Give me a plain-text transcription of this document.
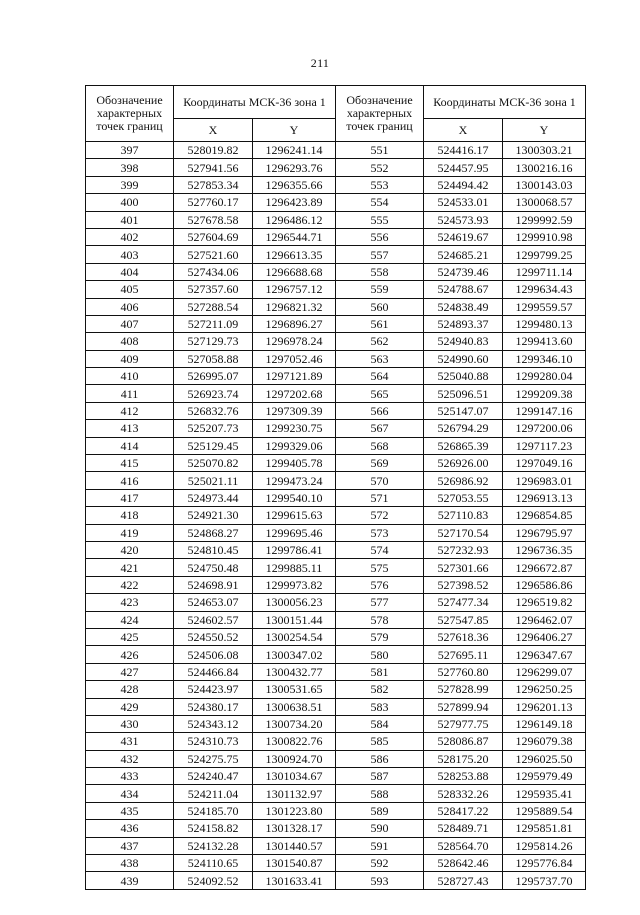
211
Обозначение характерных точек границ	Координаты МСК-36 зона 1		Обозначение характерных точек границ	Координаты МСК-36 зона 1	
	X	Y		X	Y
397	528019.82	1296241.14	551	524416.17	1300303.21
398	527941.56	1296293.76	552	524457.95	1300216.16
399	527853.34	1296355.66	553	524494.42	1300143.03
400	527760.17	1296423.89	554	524533.01	1300068.57
401	527678.58	1296486.12	555	524573.93	1299992.59
402	527604.69	1296544.71	556	524619.67	1299910.98
403	527521.60	1296613.35	557	524685.21	1299799.25
404	527434.06	1296688.68	558	524739.46	1299711.14
405	527357.60	1296757.12	559	524788.67	1299634.43
406	527288.54	1296821.32	560	524838.49	1299559.57
407	527211.09	1296896.27	561	524893.37	1299480.13
408	527129.73	1296978.24	562	524940.83	1299413.60
409	527058.88	1297052.46	563	524990.60	1299346.10
410	526995.07	1297121.89	564	525040.88	1299280.04
411	526923.74	1297202.68	565	525096.51	1299209.38
412	526832.76	1297309.39	566	525147.07	1299147.16
413	525207.73	1299230.75	567	526794.29	1297200.06
414	525129.45	1299329.06	568	526865.39	1297117.23
415	525070.82	1299405.78	569	526926.00	1297049.16
416	525021.11	1299473.24	570	526986.92	1296983.01
417	524973.44	1299540.10	571	527053.55	1296913.13
418	524921.30	1299615.63	572	527110.83	1296854.85
419	524868.27	1299695.46	573	527170.54	1296795.97
420	524810.45	1299786.41	574	527232.93	1296736.35
421	524750.48	1299885.11	575	527301.66	1296672.87
422	524698.91	1299973.82	576	527398.52	1296586.86
423	524653.07	1300056.23	577	527477.34	1296519.82
424	524602.57	1300151.44	578	527547.85	1296462.07
425	524550.52	1300254.54	579	527618.36	1296406.27
426	524506.08	1300347.02	580	527695.11	1296347.67
427	524466.84	1300432.77	581	527760.80	1296299.07
428	524423.97	1300531.65	582	527828.99	1296250.25
429	524380.17	1300638.51	583	527899.94	1296201.13
430	524343.12	1300734.20	584	527977.75	1296149.18
431	524310.73	1300822.76	585	528086.87	1296079.38
432	524275.75	1300924.70	586	528175.20	1296025.50
433	524240.47	1301034.67	587	528253.88	1295979.49
434	524211.04	1301132.97	588	528332.26	1295935.41
435	524185.70	1301223.80	589	528417.22	1295889.54
436	524158.82	1301328.17	590	528489.71	1295851.81
437	524132.28	1301440.57	591	528564.70	1295814.26
438	524110.65	1301540.87	592	528642.46	1295776.84
439	524092.52	1301633.41	593	528727.43	1295737.70
